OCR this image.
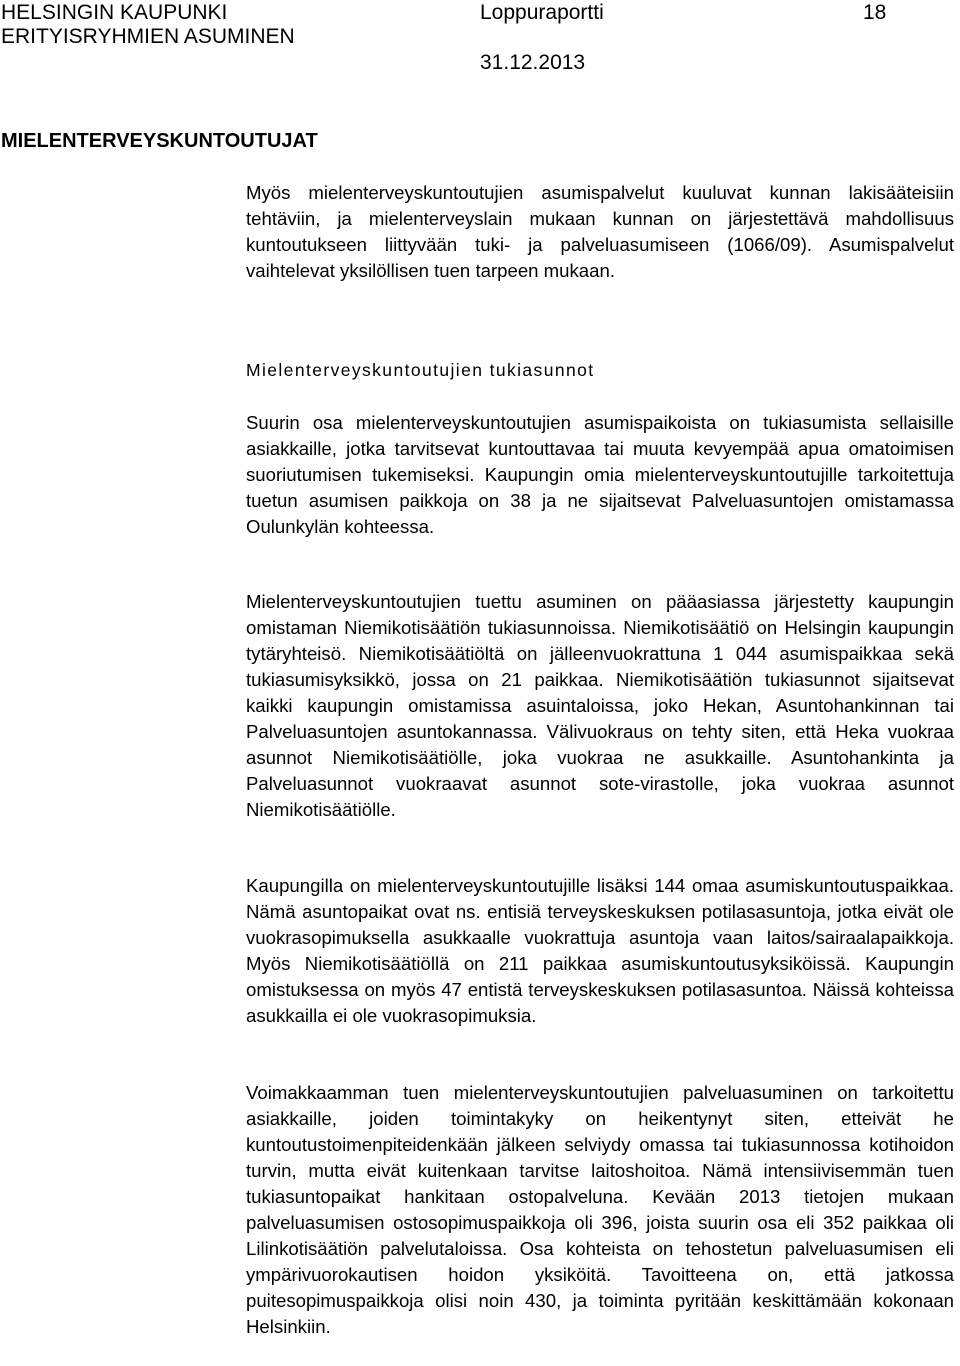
HELSINGIN KAUPUNKI
ERITYISRYHMIEN ASUMINEN
Loppuraportti	18
31.12.2013
MIELENTERVEYSKUNTOUTUJAT

Myös mielenterveyskuntoutujien asumispalvelut kuuluvat kunnan lakisääteisiin tehtäviin, ja mielenterveyslain mukaan kunnan on järjestettävä mahdollisuus kuntoutukseen liittyvään tuki- ja palveluasumiseen (1066/09). Asumispalvelut vaihtelevat yksilöllisen tuen tarpeen mukaan.

Mielenterveyskuntoutujien tukiasunnot

Suurin osa mielenterveyskuntoutujien asumispaikoista on tukiasumista sellaisille asiakkaille, jotka tarvitsevat kuntouttavaa tai muuta kevyempää apua omatoimisen suoriutumisen tukemiseksi. Kaupungin omia mielenterveyskuntoutujille tarkoitettuja tuetun asumisen paikkoja on 38 ja ne sijaitsevat Palveluasuntojen omistamassa Oulunkylän kohteessa.

Mielenterveyskuntoutujien tuettu asuminen on pääasiassa järjestetty kaupungin omistaman Niemikotisäätiön tukiasunnoissa. Niemikotisäätiö on Helsingin kaupungin tytäryhteisö. Niemikotisäätiöltä on jälleenvuokrattuna 1 044 asumispaikkaa sekä tukiasumisyksikkö, jossa on 21 paikkaa. Niemikotisäätiön tukiasunnot sijaitsevat kaikki kaupungin omistamissa asuintaloissa, joko Hekan, Asuntohankinnan tai Palveluasuntojen asuntokannassa. Välivuokraus on tehty siten, että Heka vuokraa asunnot Niemikotisäätiölle, joka vuokraa ne asukkaille. Asuntohankinta ja Palveluasunnot vuokraavat asunnot sote-virastolle, joka vuokraa asunnot Niemikotisäätiölle.

Kaupungilla on mielenterveyskuntoutujille lisäksi 144 omaa asumiskuntoutuspaikkaa. Nämä asuntopaikat ovat ns. entisiä terveyskeskuksen potilasasuntoja, jotka eivät ole vuokrasopimuksella asukkaalle vuokrattuja asuntoja vaan laitos/sairaalapaikkoja. Myös Niemikotisäätiöllä on 211 paikkaa asumiskuntoutusyksiköissä. Kaupungin omistuksessa on myös 47 entistä terveyskeskuksen potilasasuntoa. Näissä kohteissa asukkailla ei ole vuokrasopimuksia.

Voimakkaamman tuen mielenterveyskuntoutujien palveluasuminen on tarkoitettu asiakkaille, joiden toimintakyky on heikentynyt siten, etteivät he kuntoutustoimenpiteidenkään jälkeen selviydy omassa tai tukiasunnossa kotihoidon turvin, mutta eivät kuitenkaan tarvitse laitoshoitoa. Nämä intensiivisemmän tuen tukiasuntopaikat hankitaan ostopalveluna. Kevään 2013 tietojen mukaan palveluasumisen ostosopimuspaikkoja oli 396, joista suurin osa eli 352 paikkaa oli Lilinkotisäätiön palvelutaloissa. Osa kohteista on tehostetun palveluasumisen eli ympärivuorokautisen hoidon yksiköitä. Tavoitteena on, että jatkossa puitesopimuspaikkoja olisi noin 430, ja toiminta pyritään keskittämään kokonaan Helsinkiin.
